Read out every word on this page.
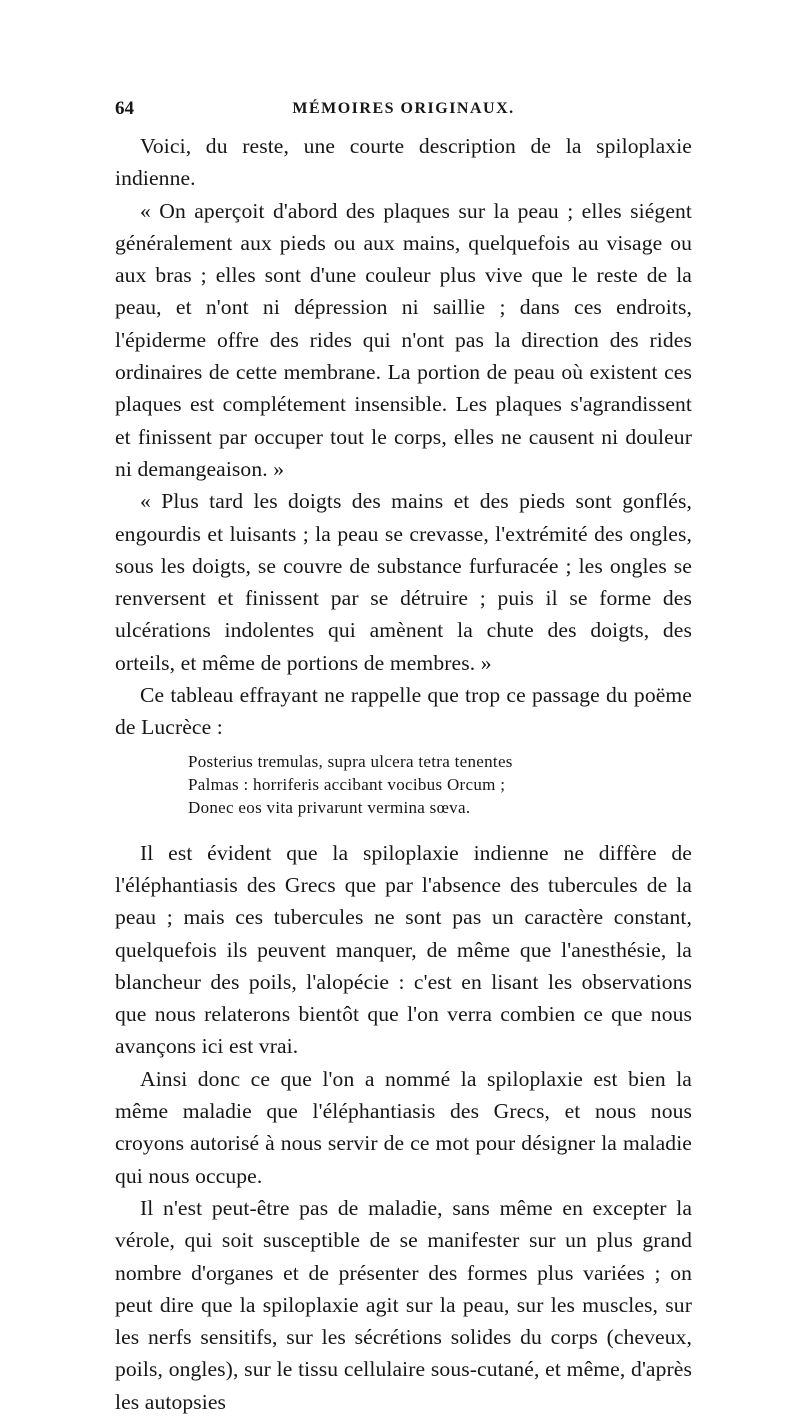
64	MÉMOIRES ORIGINAUX.

Voici, du reste, une courte description de la spiloplaxie indienne.

« On aperçoit d'abord des plaques sur la peau ; elles siégent généralement aux pieds ou aux mains, quelquefois au visage ou aux bras ; elles sont d'une couleur plus vive que le reste de la peau, et n'ont ni dépression ni saillie ; dans ces endroits, l'épiderme offre des rides qui n'ont pas la direction des rides ordinaires de cette membrane. La portion de peau où existent ces plaques est complétement insensible. Les plaques s'agrandissent et finissent par occuper tout le corps, elles ne causent ni douleur ni demangeaison. »

« Plus tard les doigts des mains et des pieds sont gonflés, engourdis et luisants ; la peau se crevasse, l'extrémité des ongles, sous les doigts, se couvre de substance furfuracée ; les ongles se renversent et finissent par se détruire ; puis il se forme des ulcérations indolentes qui amènent la chute des doigts, des orteils, et même de portions de membres. »

Ce tableau effrayant ne rappelle que trop ce passage du poëme de Lucrèce :

Posterius tremulas, supra ulcera tetra tenentes
Palmas : horriferis accibant vocibus Orcum ;
Donec eos vita privarunt vermina sœva.

Il est évident que la spiloplaxie indienne ne diffère de l'éléphantiasis des Grecs que par l'absence des tubercules de la peau ; mais ces tubercules ne sont pas un caractère constant, quelquefois ils peuvent manquer, de même que l'anesthésie, la blancheur des poils, l'alopécie : c'est en lisant les observations que nous relaterons bientôt que l'on verra combien ce que nous avançons ici est vrai.

Ainsi donc ce que l'on a nommé la spiloplaxie est bien la même maladie que l'éléphantiasis des Grecs, et nous nous croyons autorisé à nous servir de ce mot pour désigner la maladie qui nous occupe.

Il n'est peut-être pas de maladie, sans même en excepter la vérole, qui soit susceptible de se manifester sur un plus grand nombre d'organes et de présenter des formes plus variées ; on peut dire que la spiloplaxie agit sur la peau, sur les muscles, sur les nerfs sensitifs, sur les sécrétions solides du corps (cheveux, poils, ongles), sur le tissu cellulaire sous-cutané, et même, d'après les autopsies
